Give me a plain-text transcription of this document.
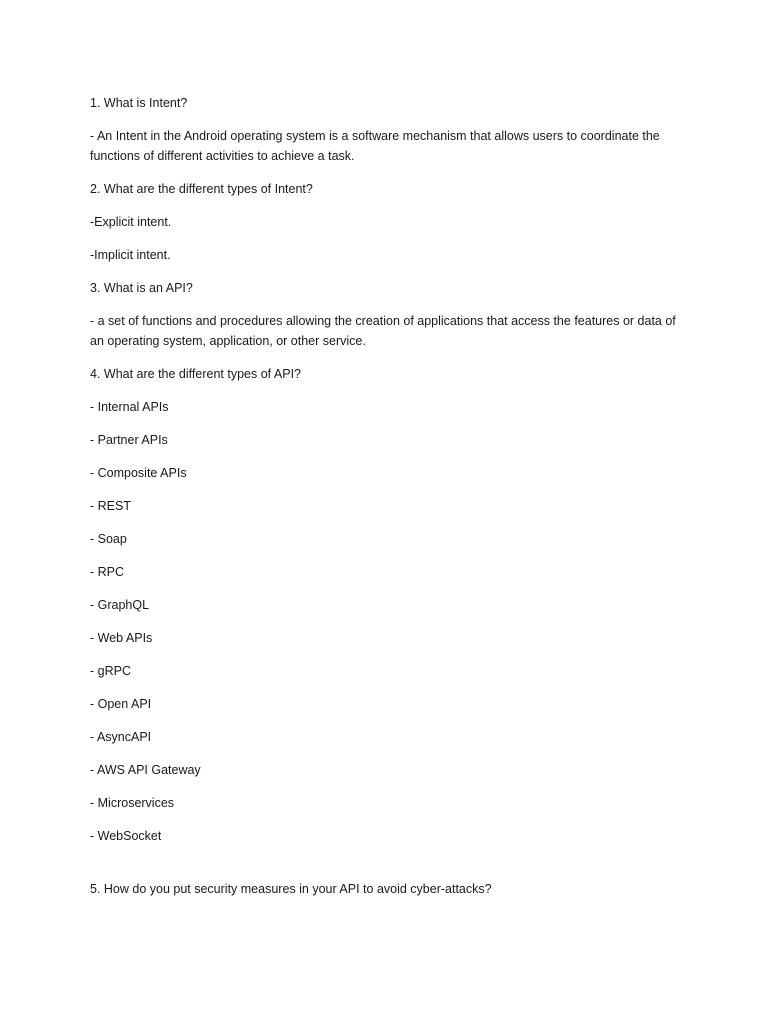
1. What is Intent?

- An Intent in the Android operating system is a software mechanism that allows users to coordinate the functions of different activities to achieve a task.

2. What are the different types of Intent?

-Explicit intent.

-Implicit intent.

3. What is an API?

- a set of functions and procedures allowing the creation of applications that access the features or data of an operating system, application, or other service.

4. What are the different types of API?

- Internal APIs

- Partner APIs

- Composite APIs

- REST

- Soap

- RPC

- GraphQL

- Web APIs

- gRPC

- Open API

- AsyncAPI

- AWS API Gateway

- Microservices

- WebSocket

5. How do you put security measures in your API to avoid cyber-attacks?
